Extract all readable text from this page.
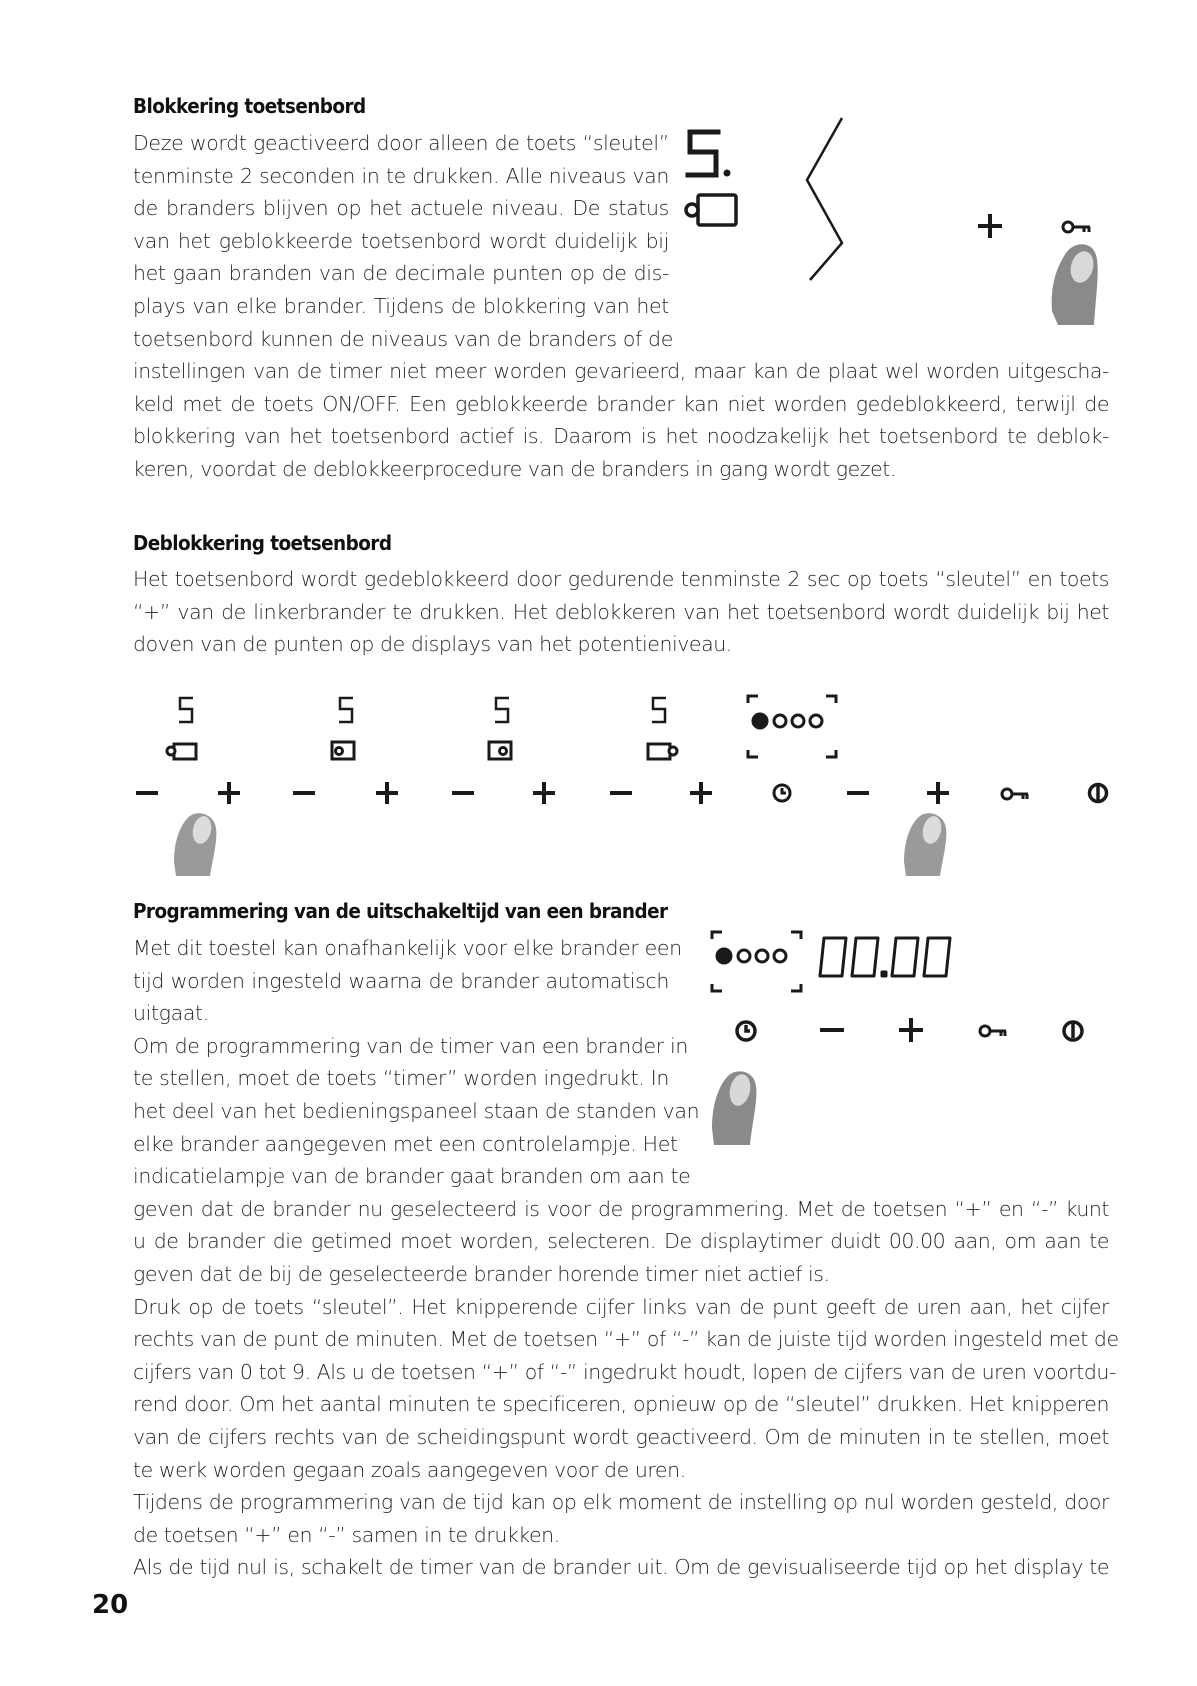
Blokkering toetsenbord
Deze wordt geactiveerd door alleen de toets “sleutel”
tenminste 2 seconden in te drukken. Alle niveaus van
de branders blijven op het actuele niveau. De status
van het geblokkeerde toetsenbord wordt duidelijk bij
het gaan branden van de decimale punten op de dis-
plays van elke brander. Tijdens de blokkering van het
toetsenbord kunnen de niveaus van de branders of de
instellingen van de timer niet meer worden gevarieerd, maar kan de plaat wel worden uitgescha-
keld met de toets ON/OFF. Een geblokkeerde brander kan niet worden gedeblokkeerd, terwijl de
blokkering van het toetsenbord actief is. Daarom is het noodzakelijk het toetsenbord te deblok-
keren, voordat de deblokkeerprocedure van de branders in gang wordt gezet.
Deblokkering toetsenbord
Het toetsenbord wordt gedeblokkeerd door gedurende tenminste 2 sec op toets “sleutel” en toets
“+” van de linkerbrander te drukken. Het deblokkeren van het toetsenbord wordt duidelijk bij het
doven van de punten op de displays van het potentieniveau.
Programmering van de uitschakeltijd van een brander
Met dit toestel kan onafhankelijk voor elke brander een
tijd worden ingesteld waarna de brander automatisch
uitgaat.
Om de programmering van de timer van een brander in
te stellen, moet de toets “timer” worden ingedrukt. In
het deel van het bedieningspaneel staan de standen van
elke brander aangegeven met een controlelampje. Het
indicatielampje van de brander gaat branden om aan te
geven dat de brander nu geselecteerd is voor de programmering. Met de toetsen “+” en “-” kunt
u de brander die getimed moet worden, selecteren. De displaytimer duidt 00.00 aan, om aan te
geven dat de bij de geselecteerde brander horende timer niet actief is.
Druk op de toets “sleutel”. Het knipperende cijfer links van de punt geeft de uren aan, het cijfer
rechts van de punt de minuten. Met de toetsen “+” of “-” kan de juiste tijd worden ingesteld met de
cijfers van 0 tot 9. Als u de toetsen “+” of “-” ingedrukt houdt, lopen de cijfers van de uren voortdu-
rend door. Om het aantal minuten te specificeren, opnieuw op de “sleutel” drukken. Het knipperen
van de cijfers rechts van de scheidingspunt wordt geactiveerd. Om de minuten in te stellen, moet
te werk worden gegaan zoals aangegeven voor de uren.
Tijdens de programmering van de tijd kan op elk moment de instelling op nul worden gesteld, door
de toetsen “+” en “-” samen in te drukken.
Als de tijd nul is, schakelt de timer van de brander uit. Om de gevisualiseerde tijd op het display te
20
